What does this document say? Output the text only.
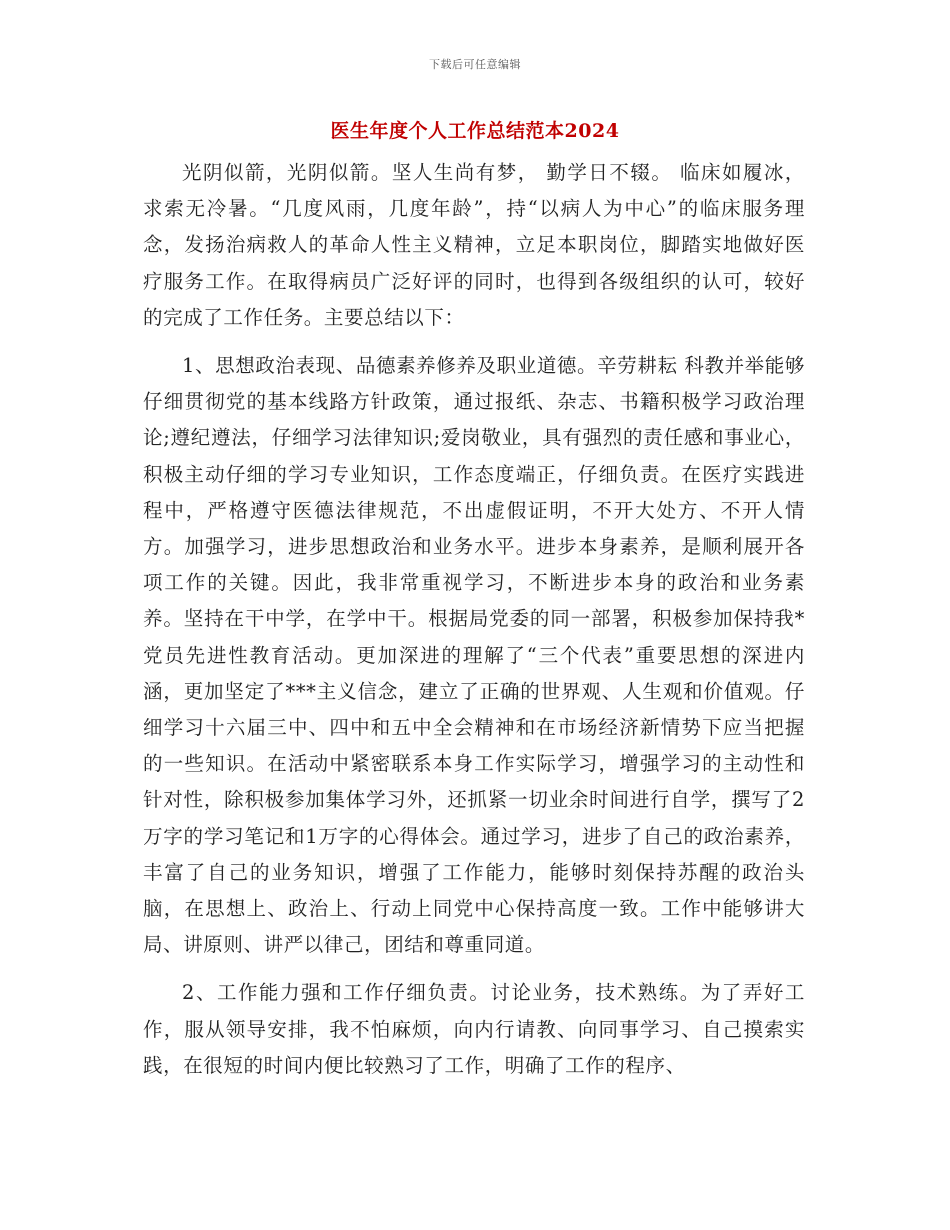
下载后可任意编辑
医生年度个人工作总结范本2024

光阴似箭，光阴似箭。坚人生尚有梦， 勤学日不辍。 临床如履冰， 求索无冷暑。“几度风雨，几度年龄”，持“以病人为中心”的临床服务理念，发扬治病救人的革命人性主义精神，立足本职岗位，脚踏实地做好医疗服务工作。在取得病员广泛好评的同时，也得到各级组织的认可，较好的完成了工作任务。主要总结以下：

1、思想政治表现、品德素养修养及职业道德。辛劳耕耘 科教并举能够仔细贯彻党的基本线路方针政策，通过报纸、杂志、书籍积极学习政治理论;遵纪遵法，仔细学习法律知识;爱岗敬业，具有强烈的责任感和事业心，积极主动仔细的学习专业知识，工作态度端正，仔细负责。在医疗实践进程中，严格遵守医德法律规范，不出虚假证明，不开大处方、不开人情方。加强学习，进步思想政治和业务水平。进步本身素养，是顺利展开各项工作的关键。因此，我非常重视学习，不断进步本身的政治和业务素养。坚持在干中学，在学中干。根据局党委的同一部署，积极参加保持我*党员先进性教育活动。更加深进的理解了“三个代表”重要思想的深进内涵，更加坚定了***主义信念，建立了正确的世界观、人生观和价值观。仔细学习十六届三中、四中和五中全会精神和在市场经济新情势下应当把握的一些知识。在活动中紧密联系本身工作实际学习，增强学习的主动性和针对性，除积极参加集体学习外，还抓紧一切业余时间进行自学，撰写了2万字的学习笔记和1万字的心得体会。通过学习，进步了自己的政治素养，丰富了自己的业务知识，增强了工作能力，能够时刻保持苏醒的政治头脑，在思想上、政治上、行动上同党中心保持高度一致。工作中能够讲大局、讲原则、讲严以律己，团结和尊重同道。

2、工作能力强和工作仔细负责。讨论业务，技术熟练。为了弄好工作，服从领导安排，我不怕麻烦，向内行请教、向同事学习、自己摸索实践，在很短的时间内便比较熟习了工作，明确了工作的程序、
